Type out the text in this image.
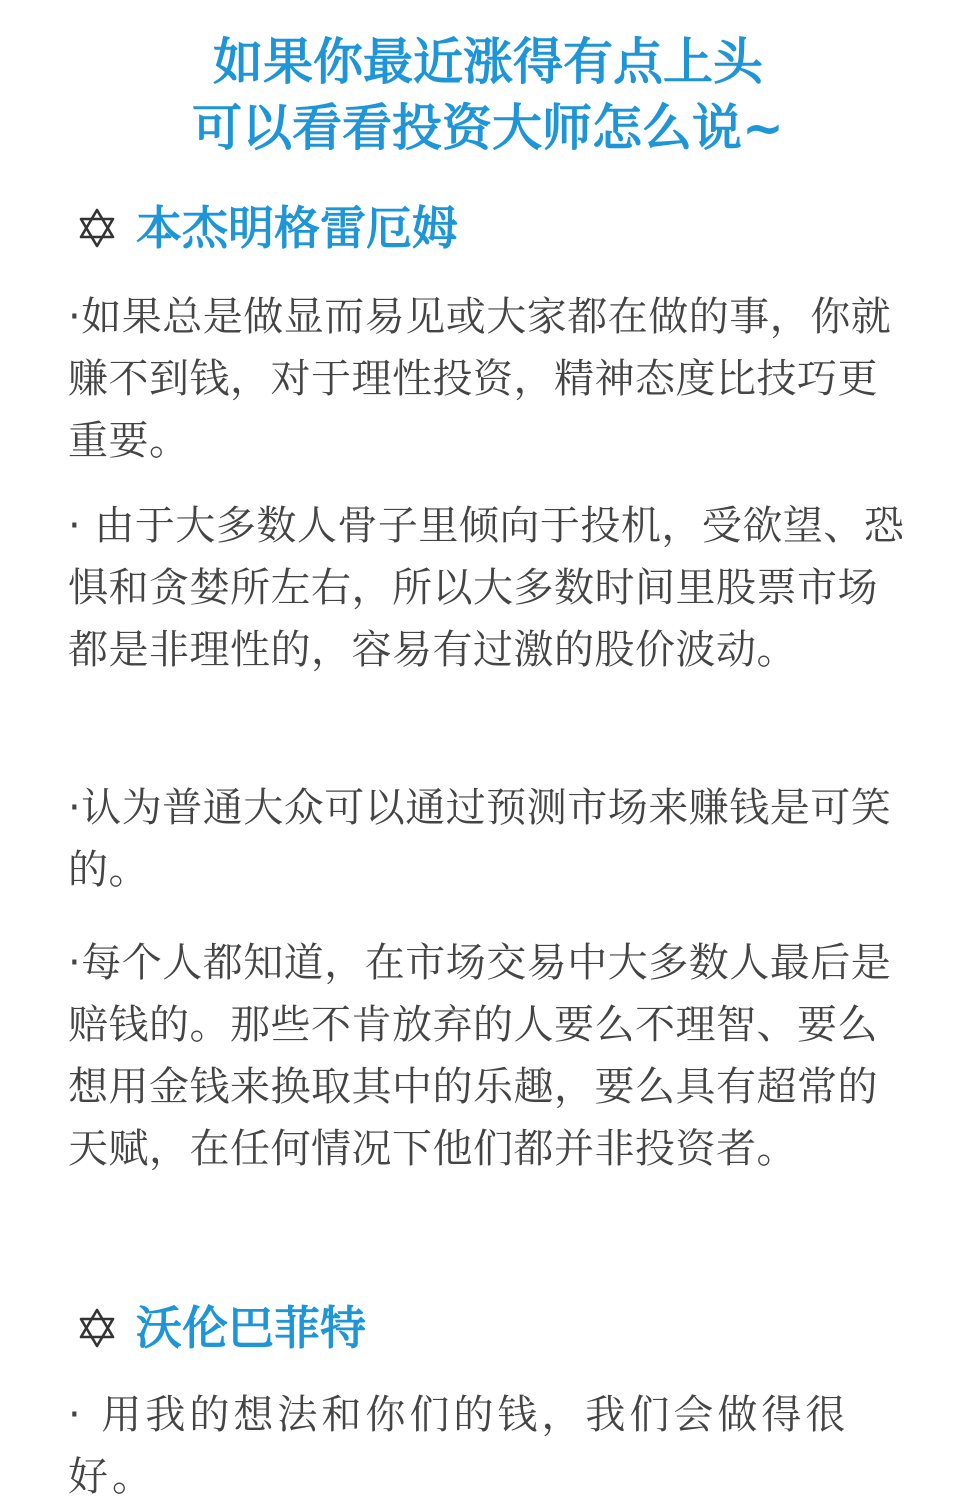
如果你最近涨得有点上头
可以看看投资大师怎么说~
本杰明格雷厄姆
·如果总是做显而易见或大家都在做的事，你就赚不到钱，对于理性投资，精神态度比技巧更重要。
· 由于大多数人骨子里倾向于投机，受欲望、恐惧和贪婪所左右，所以大多数时间里股票市场都是非理性的，容易有过激的股价波动。
·认为普通大众可以通过预测市场来赚钱是可笑的。
·每个人都知道，在市场交易中大多数人最后是赔钱的。那些不肯放弃的人要么不理智、要么想用金钱来换取其中的乐趣，要么具有超常的天赋，在任何情况下他们都并非投资者。
沃伦巴菲特
· 用我的想法和你们的钱，我们会做得很好。
